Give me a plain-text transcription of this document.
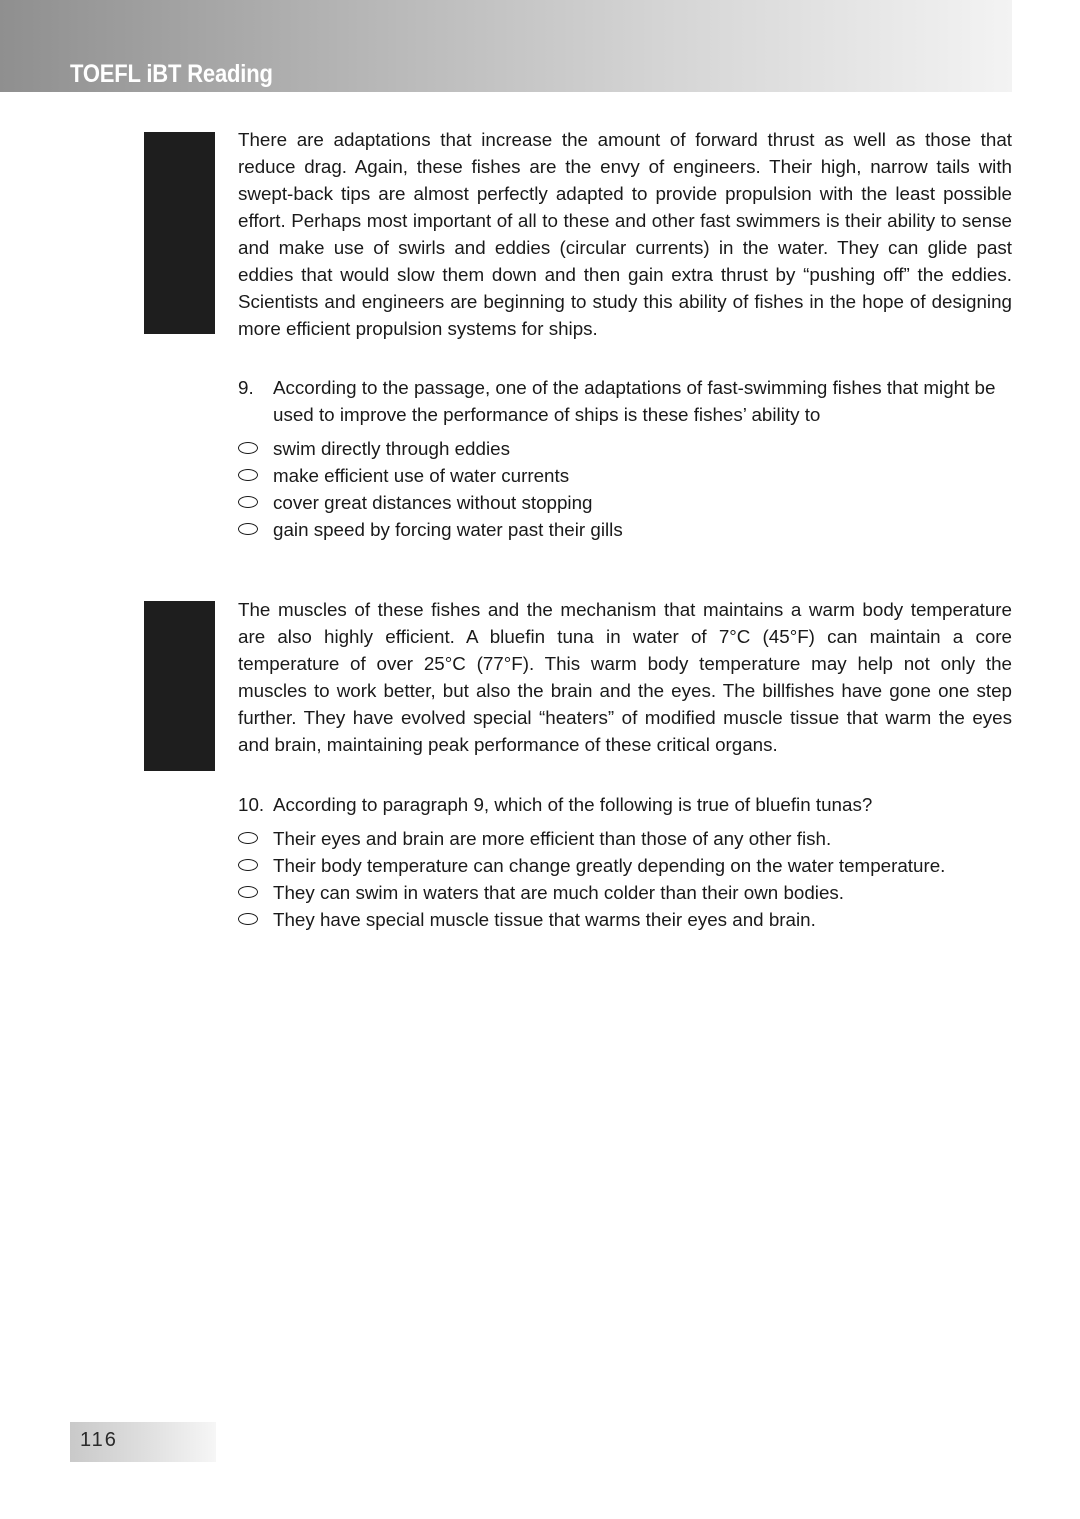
TOEFL iBT Reading

There are adaptations that increase the amount of forward thrust as well as those that reduce drag. Again, these fishes are the envy of engineers. Their high, narrow tails with swept-back tips are almost perfectly adapted to provide propulsion with the least possible effort. Perhaps most important of all to these and other fast swimmers is their ability to sense and make use of swirls and eddies (circular currents) in the water. They can glide past eddies that would slow them down and then gain extra thrust by “pushing off” the eddies. Scientists and engineers are beginning to study this ability of fishes in the hope of designing more efficient propulsion systems for ships.

9. According to the passage, one of the adaptations of fast-swimming fishes that might be used to improve the performance of ships is these fishes’ ability to

swim directly through eddies
make efficient use of water currents
cover great distances without stopping
gain speed by forcing water past their gills

The muscles of these fishes and the mechanism that maintains a warm body temperature are also highly efficient. A bluefin tuna in water of 7°C (45°F) can maintain a core temperature of over 25°C (77°F). This warm body temperature may help not only the muscles to work better, but also the brain and the eyes. The billfishes have gone one step further. They have evolved special “heaters” of modified muscle tissue that warm the eyes and brain, maintaining peak performance of these critical organs.

10. According to paragraph 9, which of the following is true of bluefin tunas?

Their eyes and brain are more efficient than those of any other fish.
Their body temperature can change greatly depending on the water temperature.
They can swim in waters that are much colder than their own bodies.
They have special muscle tissue that warms their eyes and brain.
116
